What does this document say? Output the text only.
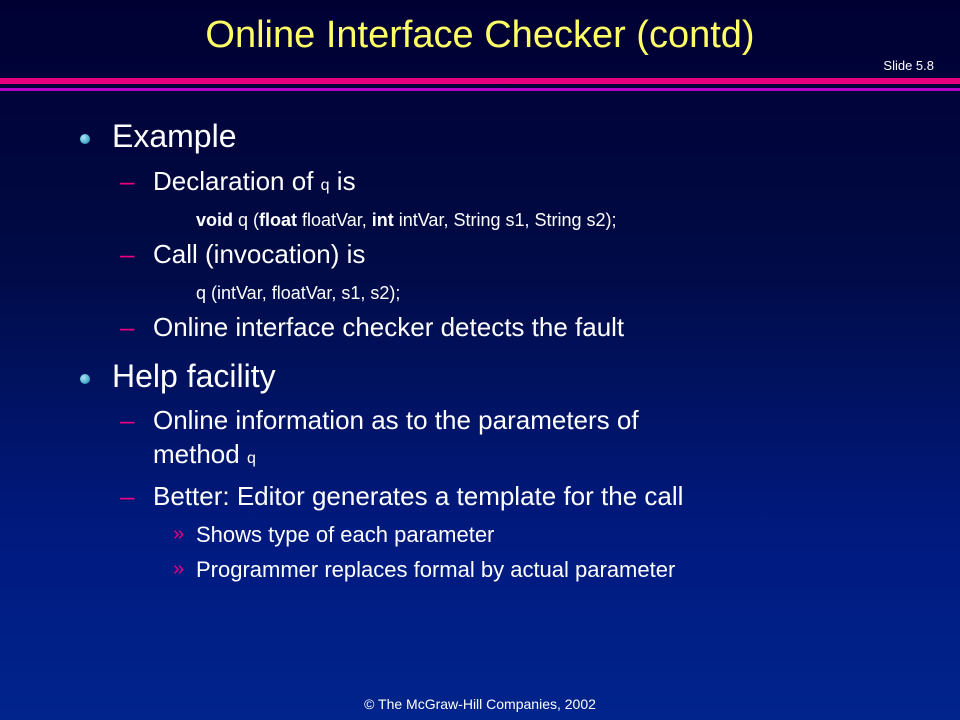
Online Interface Checker (contd)
Slide 5.8
Example
– Declaration of q is
void q (float floatVar, int intVar, String s1, String s2);
– Call (invocation) is
q (intVar, floatVar, s1, s2);
– Online interface checker detects the fault
Help facility
– Online information as to the parameters of
method q
– Better: Editor generates a template for the call
» Shows type of each parameter
» Programmer replaces formal by actual parameter
© The McGraw-Hill Companies, 2002
